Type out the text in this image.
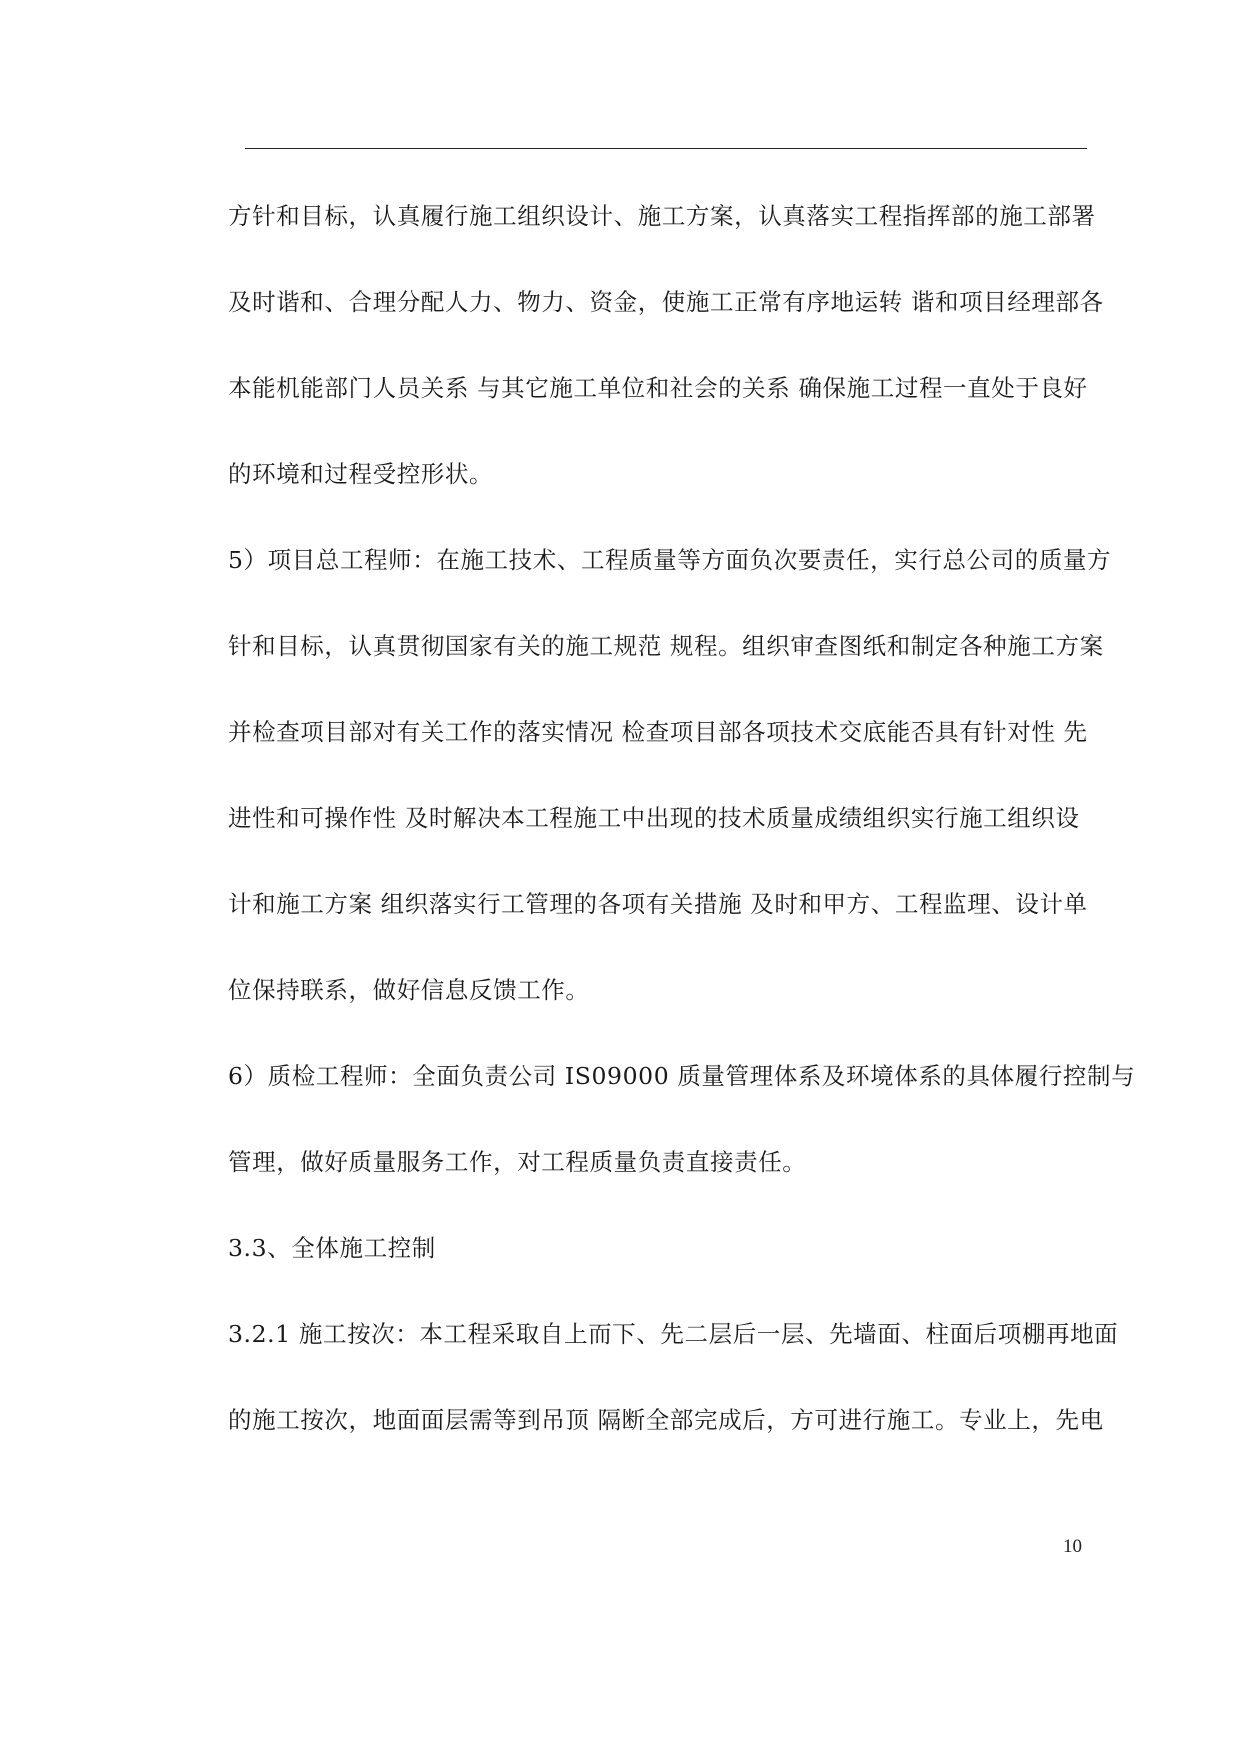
方针和目标，认真履行施工组织设计、施工方案，认真落实工程指挥部的施工部署
及时谐和、合理分配人力、物力、资金，使施工正常有序地运转 谐和项目经理部各
本能机能部门人员关系 与其它施工单位和社会的关系 确保施工过程一直处于良好
的环境和过程受控形状。
5）项目总工程师：在施工技术、工程质量等方面负次要责任，实行总公司的质量方
针和目标，认真贯彻国家有关的施工规范 规程。组织审查图纸和制定各种施工方案
并检查项目部对有关工作的落实情况 检查项目部各项技术交底能否具有针对性 先
进性和可操作性 及时解决本工程施工中出现的技术质量成绩组织实行施工组织设
计和施工方案 组织落实行工管理的各项有关措施 及时和甲方、工程监理、设计单
位保持联系，做好信息反馈工作。
6）质检工程师：全面负责公司 IS09000 质量管理体系及环境体系的具体履行控制与
管理，做好质量服务工作，对工程质量负责直接责任。
3.3、全体施工控制
3.2.1 施工按次：本工程采取自上而下、先二层后一层、先墙面、柱面后项棚再地面
的施工按次，地面面层需等到吊顶 隔断全部完成后，方可进行施工。专业上，先电
10
